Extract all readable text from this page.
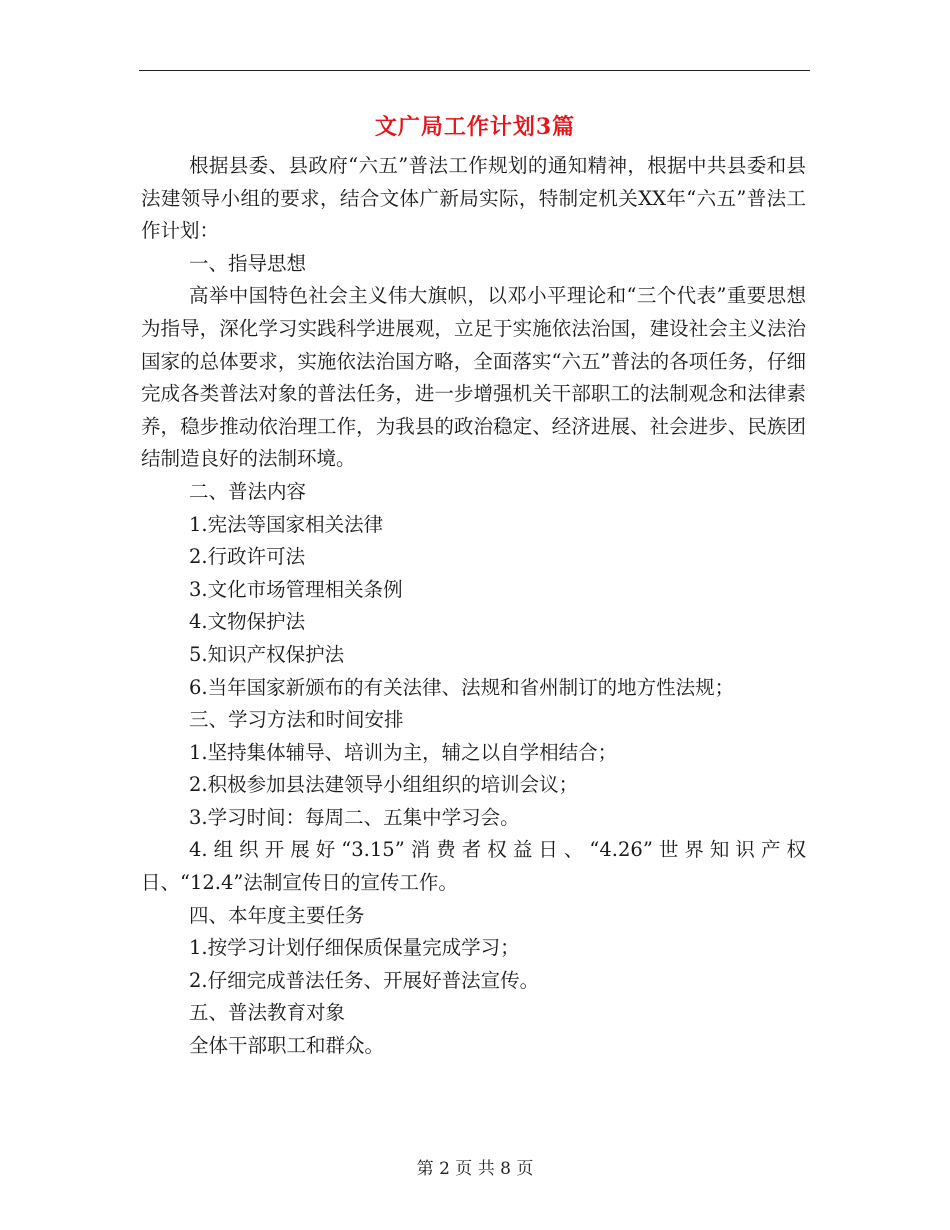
文广局工作计划3篇

根据县委、县政府“六五”普法工作规划的通知精神，根据中共县委和县法建领导小组的要求，结合文体广新局实际，特制定机关XX年“六五”普法工作计划：

一、指导思想

高举中国特色社会主义伟大旗帜，以邓小平理论和“三个代表”重要思想为指导，深化学习实践科学进展观，立足于实施依法治国，建设社会主义法治国家的总体要求，实施依法治国方略，全面落实“六五”普法的各项任务，仔细完成各类普法对象的普法任务，进一步增强机关干部职工的法制观念和法律素养，稳步推动依治理工作，为我县的政治稳定、经济进展、社会进步、民族团结制造良好的法制环境。

二、普法内容

1.宪法等国家相关法律

2.行政许可法

3.文化市场管理相关条例

4.文物保护法

5.知识产权保护法

6.当年国家新颁布的有关法律、法规和省州制订的地方性法规；

三、学习方法和时间安排

1.坚持集体辅导、培训为主，辅之以自学相结合；

2.积极参加县法建领导小组组织的培训会议；

3.学习时间：每周二、五集中学习会。

4.组织开展好“3.15”消费者权益日、“4.26”世界知识产权日、“12.4”法制宣传日的宣传工作。

四、本年度主要任务

1.按学习计划仔细保质保量完成学习；

2.仔细完成普法任务、开展好普法宣传。

五、普法教育对象

全体干部职工和群众。

第 2 页 共 8 页
